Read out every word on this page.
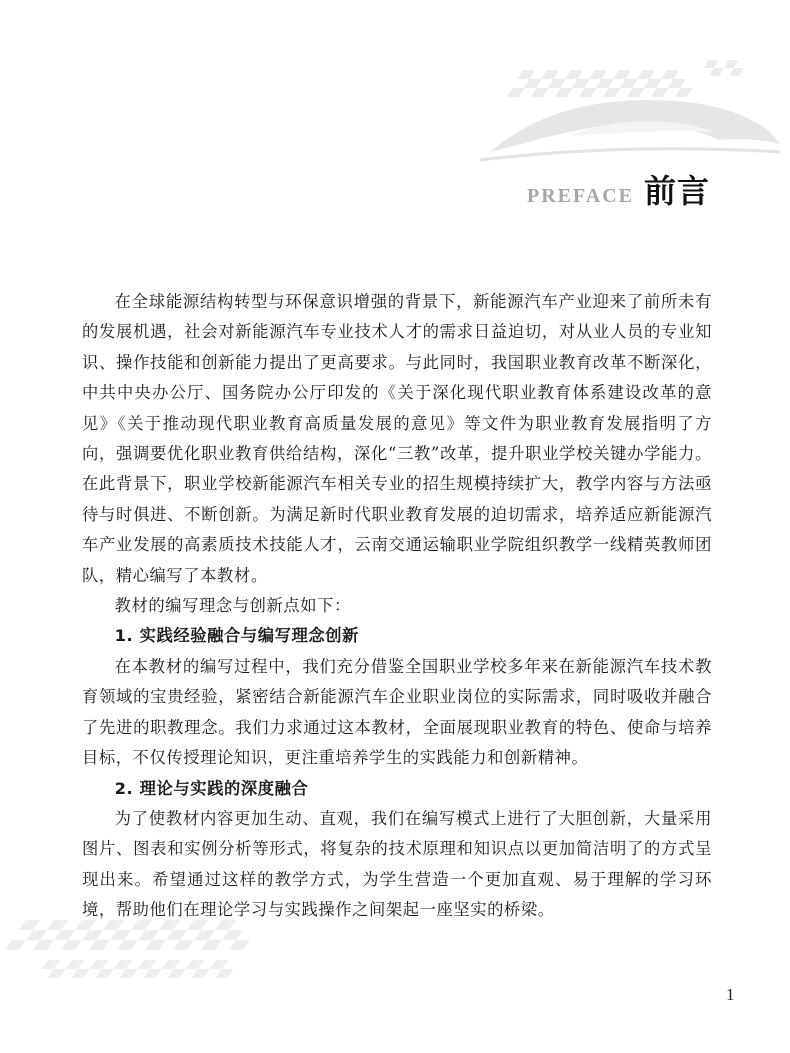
PREFACE 前言

在全球能源结构转型与环保意识增强的背景下，新能源汽车产业迎来了前所未有的发展机遇，社会对新能源汽车专业技术人才的需求日益迫切，对从业人员的专业知识、操作技能和创新能力提出了更高要求。与此同时，我国职业教育改革不断深化，中共中央办公厅、国务院办公厅印发的《关于深化现代职业教育体系建设改革的意见》《关于推动现代职业教育高质量发展的意见》等文件为职业教育发展指明了方向，强调要优化职业教育供给结构，深化“三教”改革，提升职业学校关键办学能力。在此背景下，职业学校新能源汽车相关专业的招生规模持续扩大，教学内容与方法亟待与时俱进、不断创新。为满足新时代职业教育发展的迫切需求，培养适应新能源汽车产业发展的高素质技术技能人才，云南交通运输职业学院组织教学一线精英教师团队，精心编写了本教材。

教材的编写理念与创新点如下：

1. 实践经验融合与编写理念创新

在本教材的编写过程中，我们充分借鉴全国职业学校多年来在新能源汽车技术教育领域的宝贵经验，紧密结合新能源汽车企业职业岗位的实际需求，同时吸收并融合了先进的职教理念。我们力求通过这本教材，全面展现职业教育的特色、使命与培养目标，不仅传授理论知识，更注重培养学生的实践能力和创新精神。

2. 理论与实践的深度融合

为了使教材内容更加生动、直观，我们在编写模式上进行了大胆创新，大量采用图片、图表和实例分析等形式，将复杂的技术原理和知识点以更加简洁明了的方式呈现出来。希望通过这样的教学方式，为学生营造一个更加直观、易于理解的学习环境，帮助他们在理论学习与实践操作之间架起一座坚实的桥梁。

1
